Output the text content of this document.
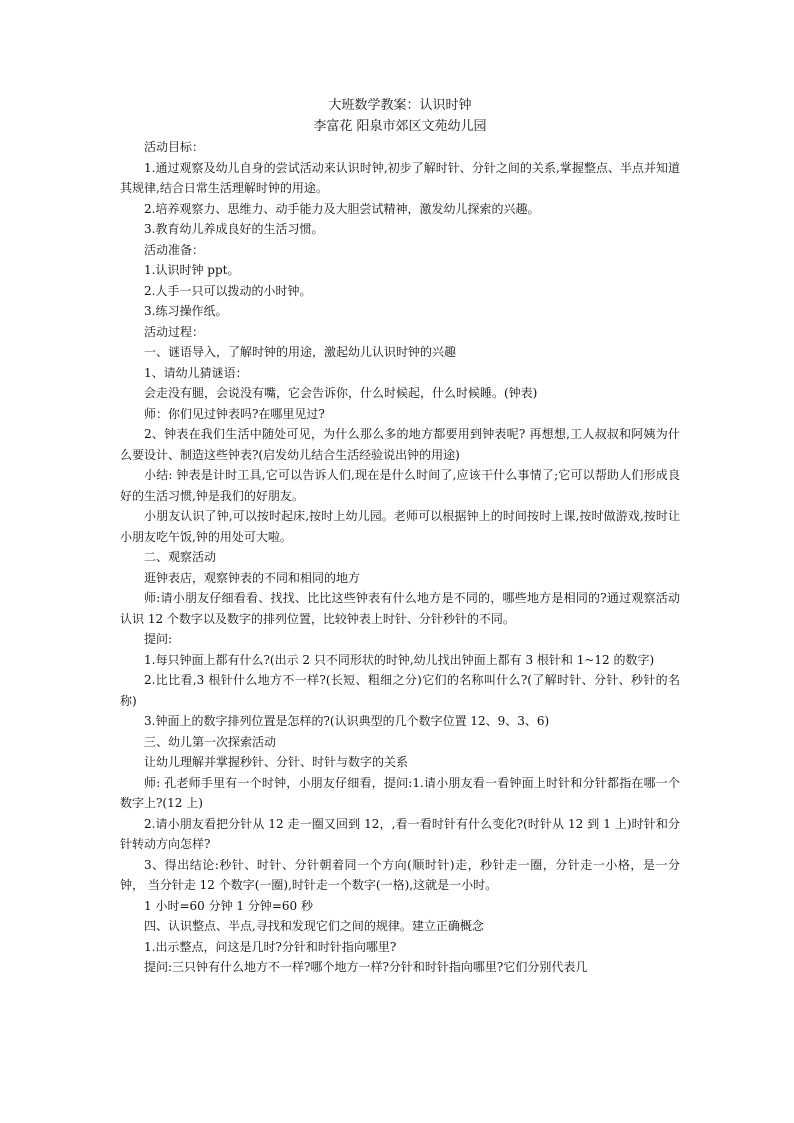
大班数学教案：认识时钟
李富花 阳泉市郊区文苑幼儿园

活动目标：

1.通过观察及幼儿自身的尝试活动来认识时钟,初步了解时针、分针之间的关系,掌握整点、半点并知道其规律,结合日常生活理解时钟的用途。

2.培养观察力、思维力、动手能力及大胆尝试精神，激发幼儿探索的兴趣。

3.教育幼儿养成良好的生活习惯。

活动准备：

1.认识时钟 ppt。

2.人手一只可以拨动的小时钟。

3.练习操作纸。

活动过程：

一、谜语导入，了解时钟的用途，激起幼儿认识时钟的兴趣

1、请幼儿猜谜语：

会走没有腿，会说没有嘴，它会告诉你，什么时候起，什么时候睡。(钟表)

师：你们见过钟表吗?在哪里见过?

2、钟表在我们生活中随处可见，为什么那么多的地方都要用到钟表呢? 再想想,工人叔叔和阿姨为什么要设计、制造这些钟表?(启发幼儿结合生活经验说出钟的用途)

小结: 钟表是计时工具,它可以告诉人们,现在是什么时间了,应该干什么事情了;它可以帮助人们形成良好的生活习惯,钟是我们的好朋友。

小朋友认识了钟,可以按时起床,按时上幼儿园。老师可以根据钟上的时间按时上课,按时做游戏,按时让小朋友吃午饭,钟的用处可大啦。

二、观察活动

逛钟表店，观察钟表的不同和相同的地方

师:请小朋友仔细看看、找找、比比这些钟表有什么地方是不同的，哪些地方是相同的?通过观察活动认识 12 个数字以及数字的排列位置，比较钟表上时针、分针秒针的不同。

提问:

1.每只钟面上都有什么?(出示 2 只不同形状的时钟,幼儿找出钟面上都有 3 根针和 1~12 的数字)

2.比比看,3 根针什么地方不一样?(长短、粗细之分)它们的名称叫什么?(了解时针、分针、秒针的名称)

3.钟面上的数字排列位置是怎样的?(认识典型的几个数字位置 12、9、3、6)

三、幼儿第一次探索活动

让幼儿理解并掌握秒针、分针、时针与数字的关系

师: 孔老师手里有一个时钟，小朋友仔细看，提问:1.请小朋友看一看钟面上时针和分针都指在哪一个数字上?(12 上)

2.请小朋友看把分针从 12 走一圈又回到 12，,看一看时针有什么变化?(时针从 12 到 1 上)时针和分针转动方向怎样?

3、得出结论:秒针、时针、分针朝着同一个方向(顺时针)走，秒针走一圈，分针走一小格，是一分钟， 当分针走 12 个数字(一圈),时针走一个数字(一格),这就是一小时。

1 小时=60 分钟 1 分钟=60 秒

四、认识整点、半点,寻找和发现它们之间的规律。建立正确概念

1.出示整点，问这是几时?分针和时针指向哪里?

提问:三只钟有什么地方不一样?哪个地方一样?分针和时针指向哪里?它们分别代表几
